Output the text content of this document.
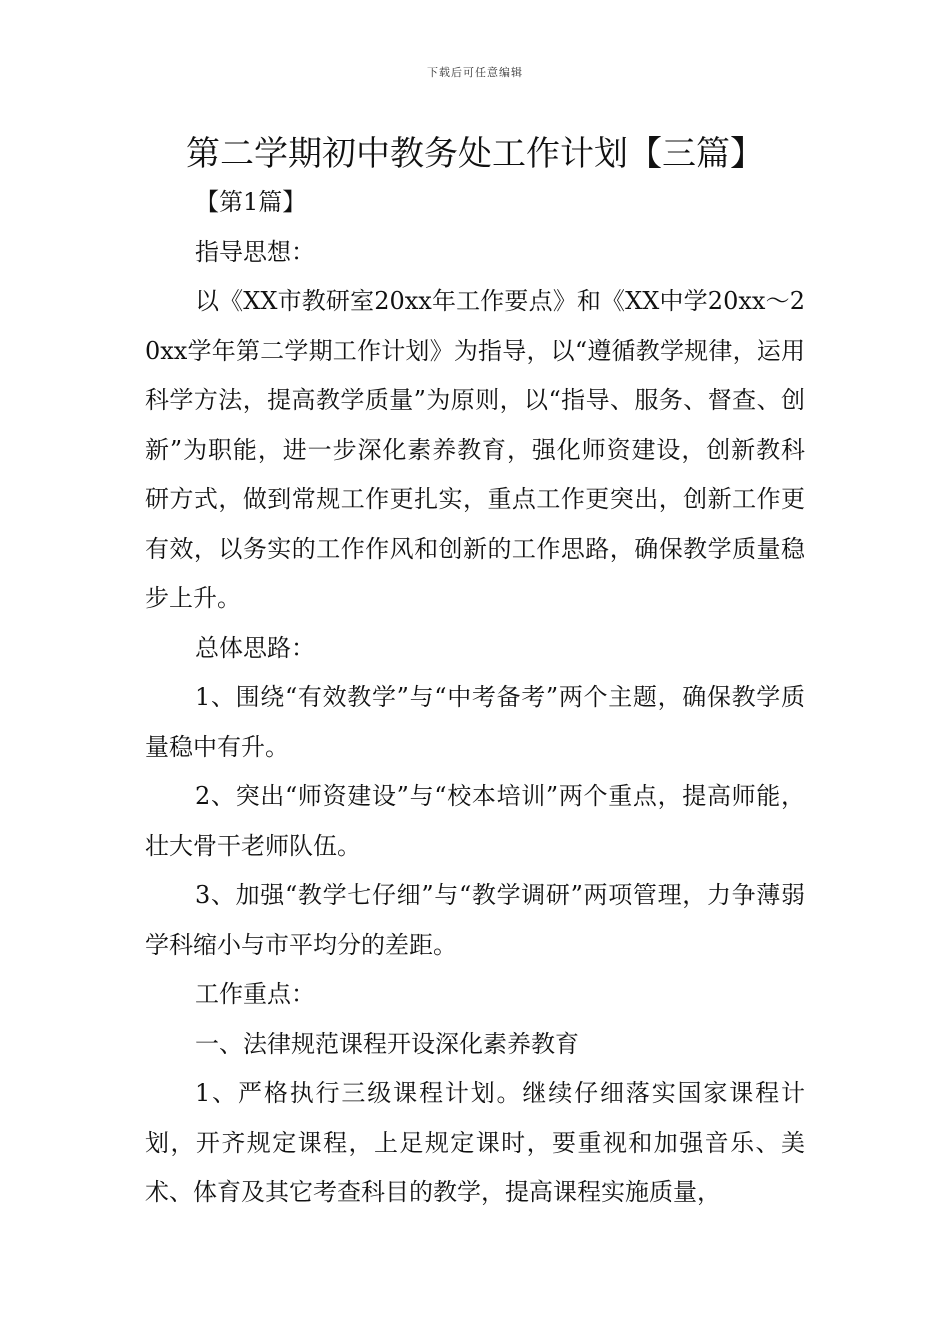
下载后可任意编辑
第二学期初中教务处工作计划【三篇】

【第1篇】

指导思想：

以《XX市教研室20xx年工作要点》和《XX中学20xx～20xx学年第二学期工作计划》为指导，以“遵循教学规律，运用科学方法，提高教学质量”为原则，以“指导、服务、督查、创新”为职能，进一步深化素养教育，强化师资建设，创新教科研方式，做到常规工作更扎实，重点工作更突出，创新工作更有效，以务实的工作作风和创新的工作思路，确保教学质量稳步上升。

总体思路：

1、围绕“有效教学”与“中考备考”两个主题，确保教学质量稳中有升。

2、突出“师资建设”与“校本培训”两个重点，提高师能，壮大骨干老师队伍。

3、加强“教学七仔细”与“教学调研”两项管理，力争薄弱学科缩小与市平均分的差距。

工作重点：

一、法律规范课程开设深化素养教育

1、严格执行三级课程计划。继续仔细落实国家课程计划，开齐规定课程，上足规定课时，要重视和加强音乐、美术、体育及其它考查科目的教学，提高课程实施质量，
